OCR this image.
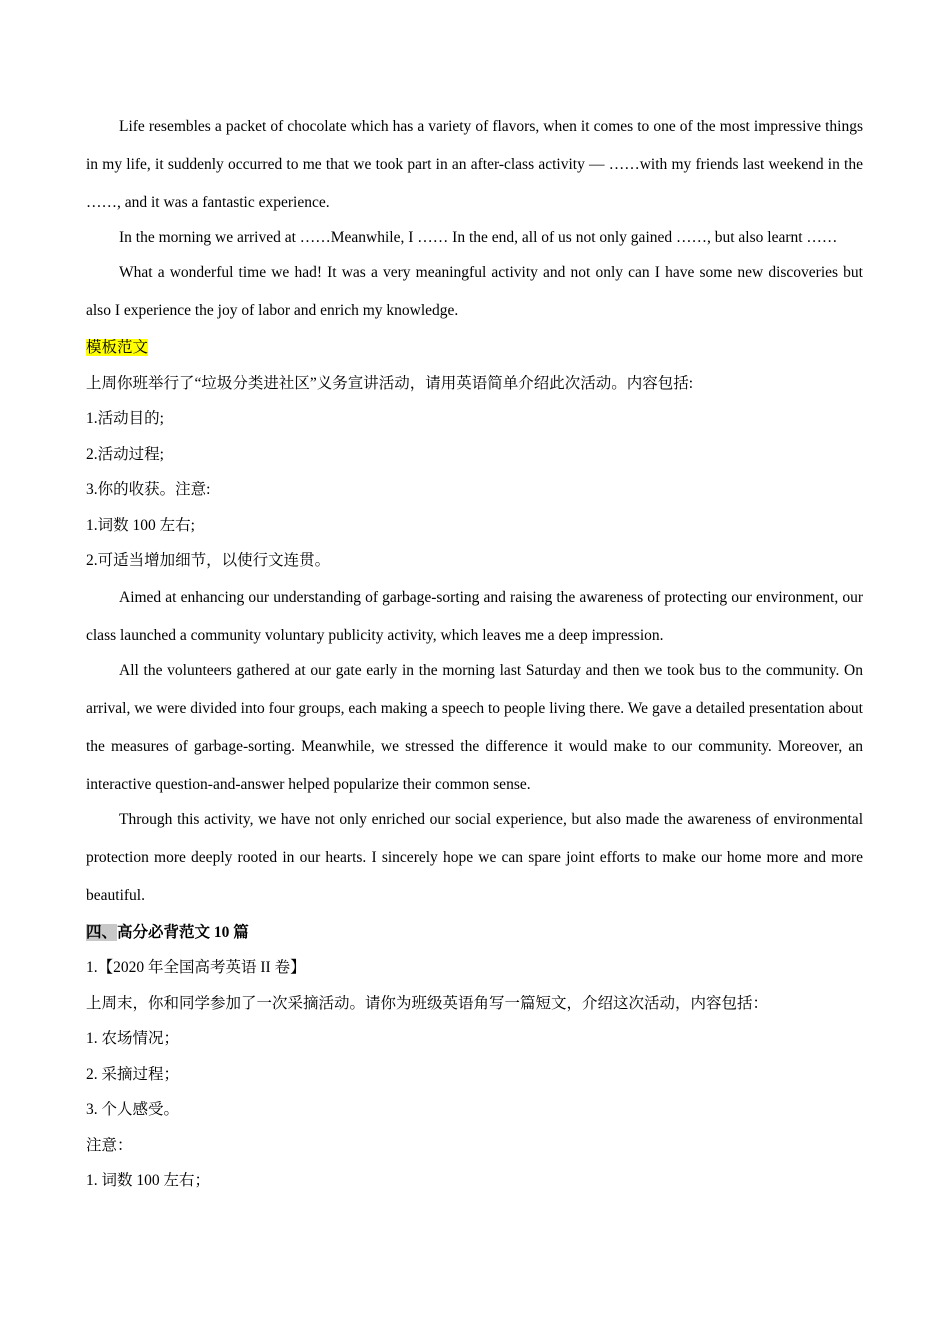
Life resembles a packet of chocolate which has a variety of flavors, when it comes to one of the most impressive things in my life, it suddenly occurred to me that we took part in an after-class activity — ……with my friends last weekend in the ……, and it was a fantastic experience.

In the morning we arrived at ……Meanwhile, I …… In the end, all of us not only gained ……, but also learnt ……

What a wonderful time we had! It was a very meaningful activity and not only can I have some new discoveries but also I experience the joy of labor and enrich my knowledge.

模板范文

上周你班举行了“垃圾分类进社区”义务宣讲活动，请用英语简单介绍此次活动。内容包括:

1.活动目的;

2.活动过程;

3.你的收获。注意:

1.词数 100 左右;

2.可适当增加细节，以使行文连贯。

Aimed at enhancing our understanding of garbage-sorting and raising the awareness of protecting our environment, our class launched a community voluntary publicity activity, which leaves me a deep impression.

All the volunteers gathered at our gate early in the morning last Saturday and then we took bus to the community. On arrival, we were divided into four groups, each making a speech to people living there. We gave a detailed presentation about the measures of garbage-sorting. Meanwhile, we stressed the difference it would make to our community. Moreover, an interactive question-and-answer helped popularize their common sense.

Through this activity, we have not only enriched our social experience, but also made the awareness of environmental protection more deeply rooted in our hearts. I sincerely hope we can spare joint efforts to make our home more and more beautiful.

四、高分必背范文 10 篇

1.【2020 年全国高考英语 II 卷】

上周末，你和同学参加了一次采摘活动。请你为班级英语角写一篇短文，介绍这次活动，内容包括：

1. 农场情况；

2. 采摘过程；

3. 个人感受。

注意：

1. 词数 100 左右；
